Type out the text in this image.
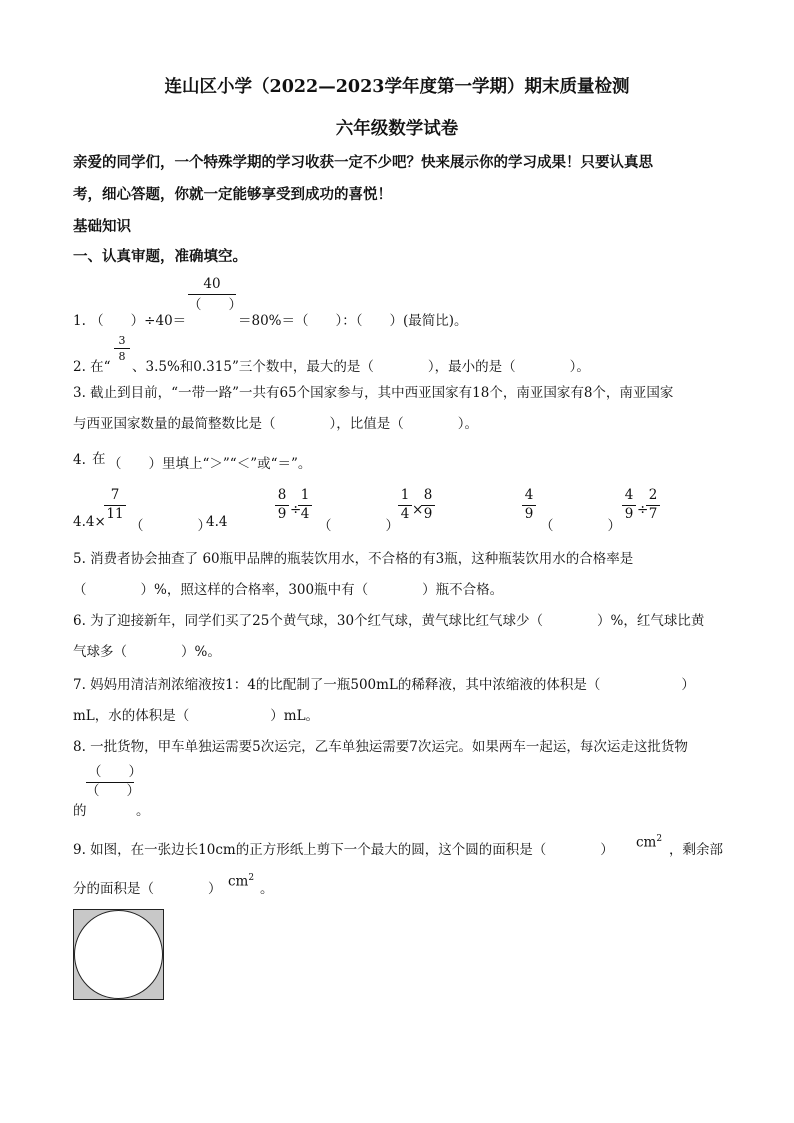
连山区小学（2022—2023学年度第一学期）期末质量检测
六年级数学试卷
亲爱的同学们，一个特殊学期的学习收获一定不少吧？快来展示你的学习成果！只要认真思
考，细心答题，你就一定能够享受到成功的喜悦！
基础知识
一、认真审题，准确填空。
1. （　　）÷40＝
40
（　　）
＝80%＝（　　）：（　　）(最简比)。
2. 在“
3
8
、3.5%和0.315”三个数中，最大的是（　　　　），最小的是（　　　　）。
3. 截止到目前，“一带一路”一共有65个国家参与，其中西亚国家有18个，南亚国家有8个，南亚国家
与西亚国家数量的最简整数比是（　　　　），比值是（　　　　）。
4. 在 （　　）里填上“＞”“＜”或“＝”。
4.4×
7
11
（　　　　）
4.4
8
9 ÷
1
4
（　　　　）
1
4 ×
8
9
4
9
（　　　　）
4
9 ÷
2
7
5. 消费者协会抽查了 60瓶甲品牌的瓶装饮用水，不合格的有3瓶，这种瓶装饮用水的合格率是
（　　　　）%，照这样的合格率，300瓶中有（　　　　）瓶不合格。
6. 为了迎接新年，同学们买了25个黄气球，30个红气球，黄气球比红气球少（　　　　）%，红气球比黄
气球多（　　　　）%。
7. 妈妈用清洁剂浓缩液按1：4的比配制了一瓶500mL的稀释液，其中浓缩液的体积是（　　　　　　）
mL，水的体积是（　　　　　　）mL。
8. 一批货物，甲车单独运需要5次运完，乙车单独运需要7次运完。如果两车一起运，每次运走这批货物
的
（　　）
（　　）
。
9. 如图，在一张边长10cm的正方形纸上剪下一个最大的圆，这个圆的面积是（　　　　） $cm^2$
，剩余部
分的面积是（　　　　） $cm^2$
。
